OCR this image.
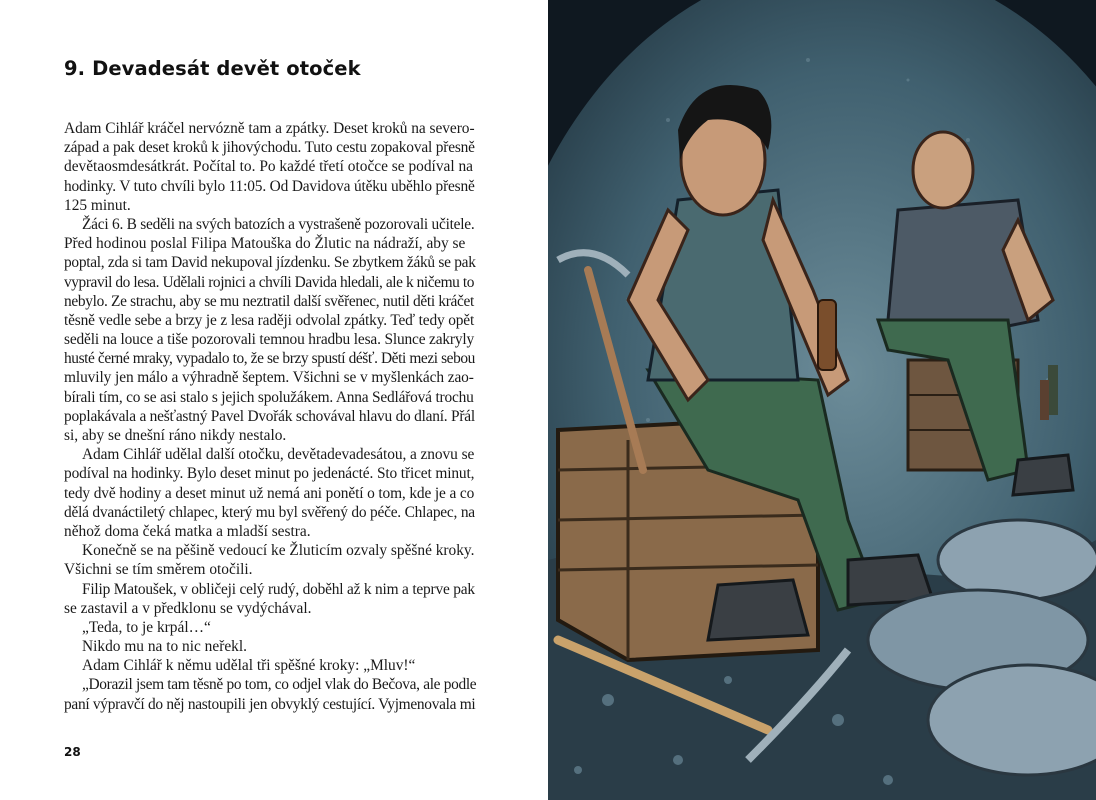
9. Devadesát devět otoček
Adam Cihlář kráčel nervózně tam a zpátky. Deset kroků na severo-
západ a pak deset kroků k jihovýchodu. Tuto cestu zopakoval přesně
devětaosmdesátkrát. Počítal to. Po každé třetí otočce se podíval na
hodinky. V tuto chvíli bylo 11:05. Od Davidova útěku uběhlo přesně
125 minut.
Žáci 6. B seděli na svých batozích a vystrašeně pozorovali učitele.
Před hodinou poslal Filipa Matouška do Žlutic na nádraží, aby se
poptal, zda si tam David nekupoval jízdenku. Se zbytkem žáků se pak
vypravil do lesa. Udělali rojnici a chvíli Davida hledali, ale k ničemu to
nebylo. Ze strachu, aby se mu neztratil další svěřenec, nutil děti kráčet
těsně vedle sebe a brzy je z lesa raději odvolal zpátky. Teď tedy opět
seděli na louce a tiše pozorovali temnou hradbu lesa. Slunce zakryly
husté černé mraky, vypadalo to, že se brzy spustí déšť. Děti mezi sebou
mluvily jen málo a výhradně šeptem. Všichni se v myšlenkách zao-
bírali tím, co se asi stalo s jejich spolužákem. Anna Sedlářová trochu
poplakávala a nešťastný Pavel Dvořák schovával hlavu do dlaní. Přál
si, aby se dnešní ráno nikdy nestalo.
Adam Cihlář udělal další otočku, devětadevadesátou, a znovu se
podíval na hodinky. Bylo deset minut po jedenácté. Sto třicet minut,
tedy dvě hodiny a deset minut už nemá ani ponětí o tom, kde je a co
dělá dvanáctiletý chlapec, který mu byl svěřený do péče. Chlapec, na
něhož doma čeká matka a mladší sestra.
Konečně se na pěšině vedoucí ke Žluticím ozvaly spěšné kroky.
Všichni se tím směrem otočili.
Filip Matoušek, v obličeji celý rudý, doběhl až k nim a teprve pak
se zastavil a v předklonu se vydýchával.
„Teda, to je krpál…“
Nikdo mu na to nic neřekl.
Adam Cihlář k němu udělal tři spěšné kroky: „Mluv!“
„Dorazil jsem tam těsně po tom, co odjel vlak do Bečova, ale podle
paní výpravčí do něj nastoupili jen obvyklý cestující. Vyjmenovala mi
28
